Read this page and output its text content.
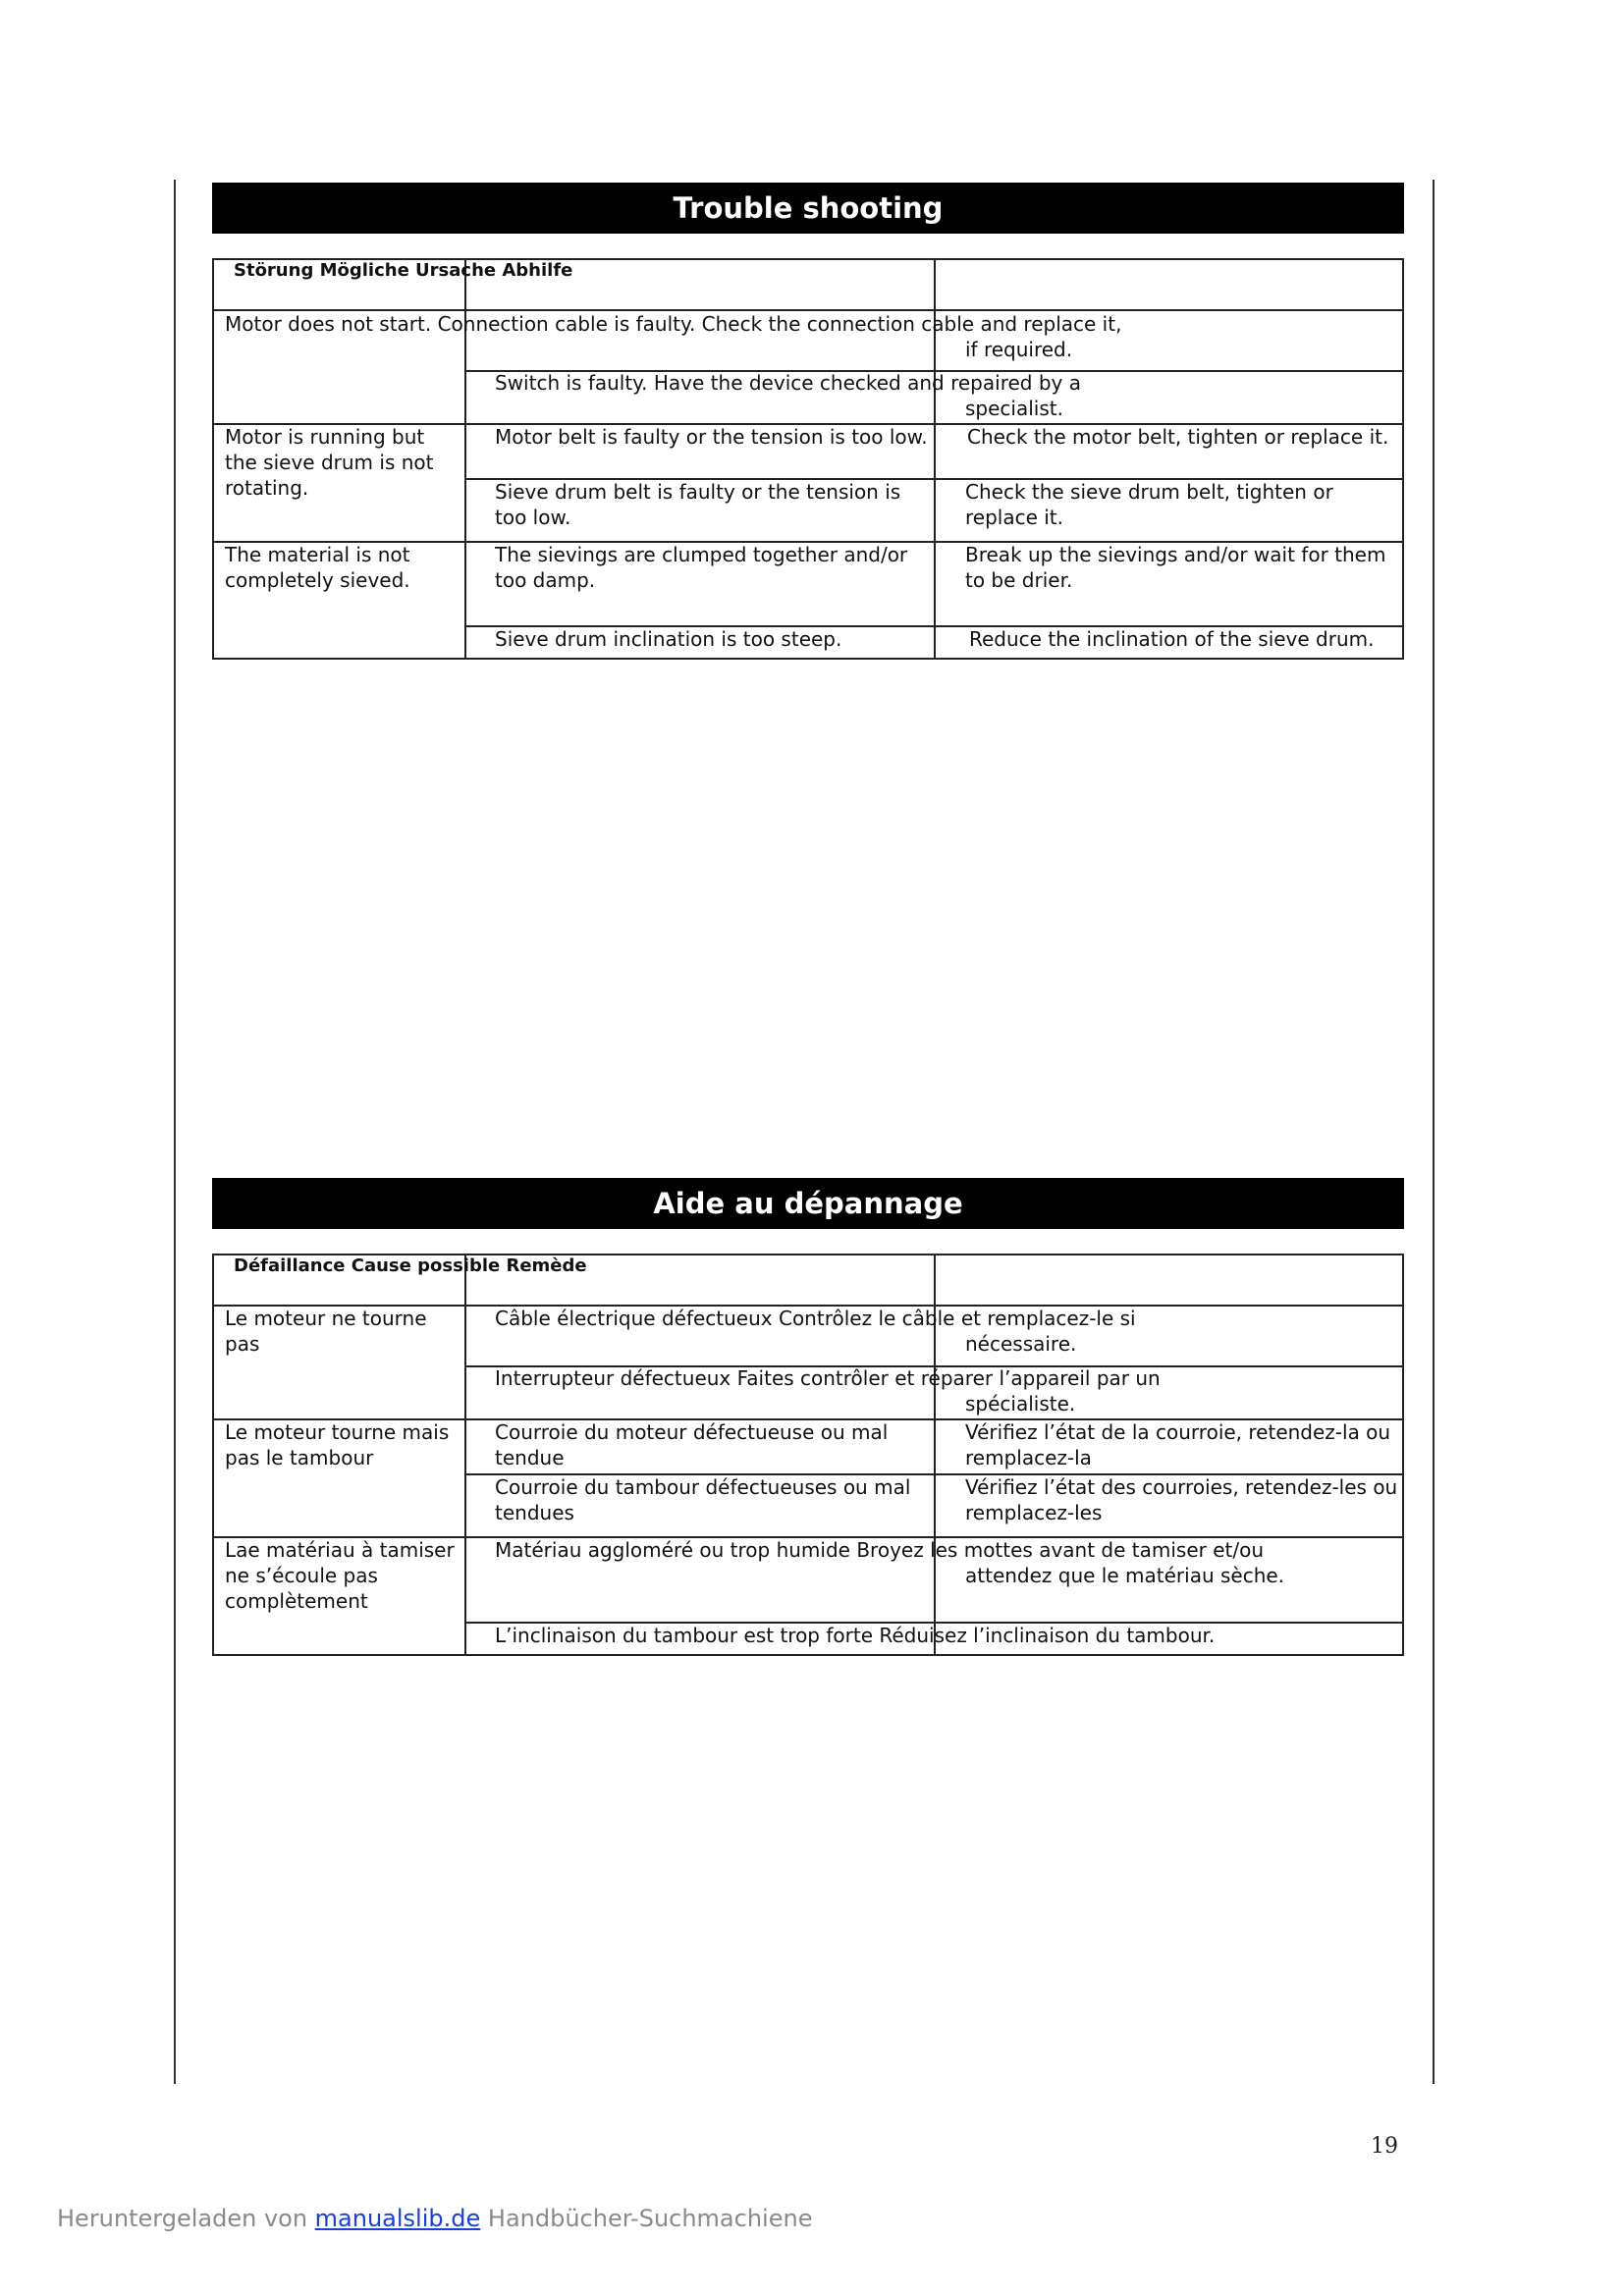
Trouble shooting
Störung Mögliche Ursache Abhilfe
Motor does not start. Connection cable is faulty. Check the connection cable and replace it,
if required.
Switch is faulty. Have the device checked and repaired by a
specialist.
Motor is running but
the sieve drum is not
rotating.
Motor belt is faulty or the tension is too low. Check the motor belt, tighten or replace it.
Sieve drum belt is faulty or the tension is
too low.
Check the sieve drum belt, tighten or
replace it.
The material is not
completely sieved.
The sievings are clumped together and/or
too damp.
Break up the sievings and/or wait for them
to be drier.
Sieve drum inclination is too steep.	Reduce the inclination of the sieve drum.
Aide au dépannage
Défaillance Cause possible Remède
Le moteur ne tourne
pas
Câble électrique défectueux Contrôlez le câble et remplacez-le si
nécessaire.
Interrupteur défectueux Faites contrôler et réparer l’appareil par un
spécialiste.
Le moteur tourne mais
pas le tambour
Courroie du moteur défectueuse ou mal
tendue
Vérifiez l’état de la courroie, retendez-la ou
remplacez-la
Courroie du tambour défectueuses ou mal
tendues
Vérifiez l’état des courroies, retendez-les ou
remplacez-les
Lae matériau à tamiser
ne s’écoule pas
complètement
Matériau aggloméré ou trop humide Broyez les mottes avant de tamiser et/ou
attendez que le matériau sèche.
L’inclinaison du tambour est trop forte Réduisez l’inclinaison du tambour.
19
Heruntergeladen von manualslib.de Handbücher-Suchmachiene
